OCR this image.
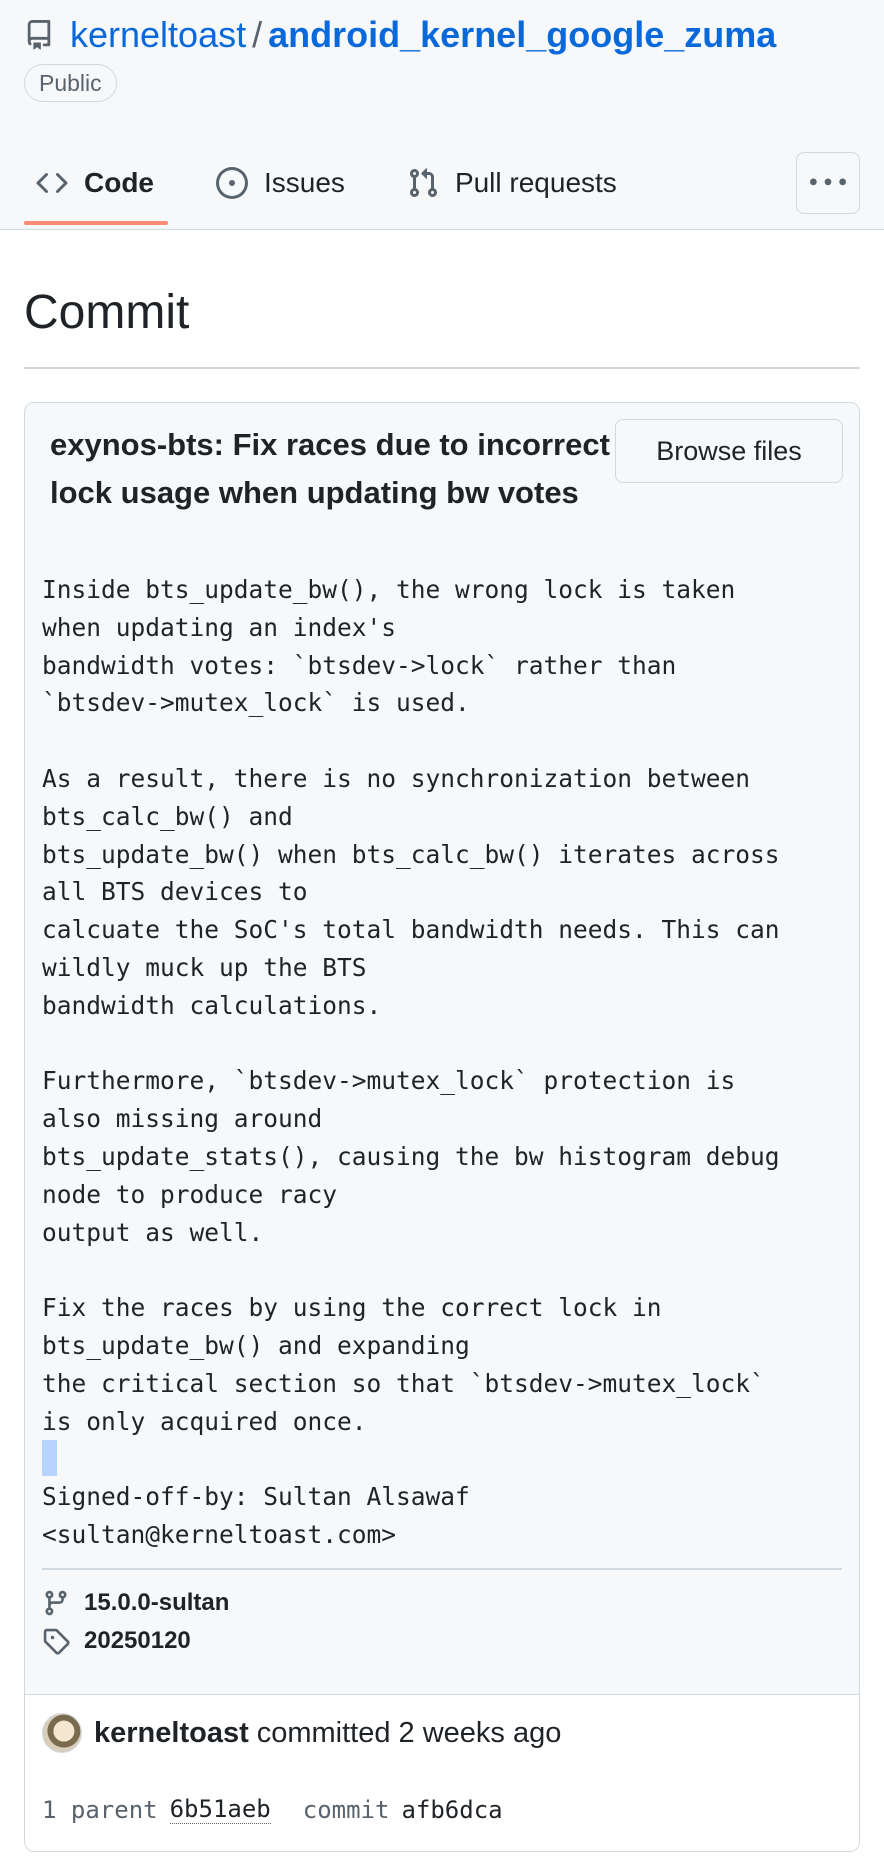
kerneltoast / android_kernel_google_zuma
Public
Code	Issues	Pull requests
Commit
exynos-bts: Fix races due to incorrect lock usage when updating bw votes
Browse files
Inside bts_update_bw(), the wrong lock is taken
when updating an index's
bandwidth votes: `btsdev->lock` rather than
`btsdev->mutex_lock` is used.

As a result, there is no synchronization between
bts_calc_bw() and
bts_update_bw() when bts_calc_bw() iterates across
all BTS devices to
calcuate the SoC's total bandwidth needs. This can
wildly muck up the BTS
bandwidth calculations.

Furthermore, `btsdev->mutex_lock` protection is
also missing around
bts_update_stats(), causing the bw histogram debug
node to produce racy
output as well.

Fix the races by using the correct lock in
bts_update_bw() and expanding
the critical section so that `btsdev->mutex_lock`
is only acquired once.
Signed-off-by: Sultan Alsawaf
<sultan@kerneltoast.com>
15.0.0-sultan
20250120
kerneltoast committed 2 weeks ago
1 parent 6b51aeb commit afb6dca
